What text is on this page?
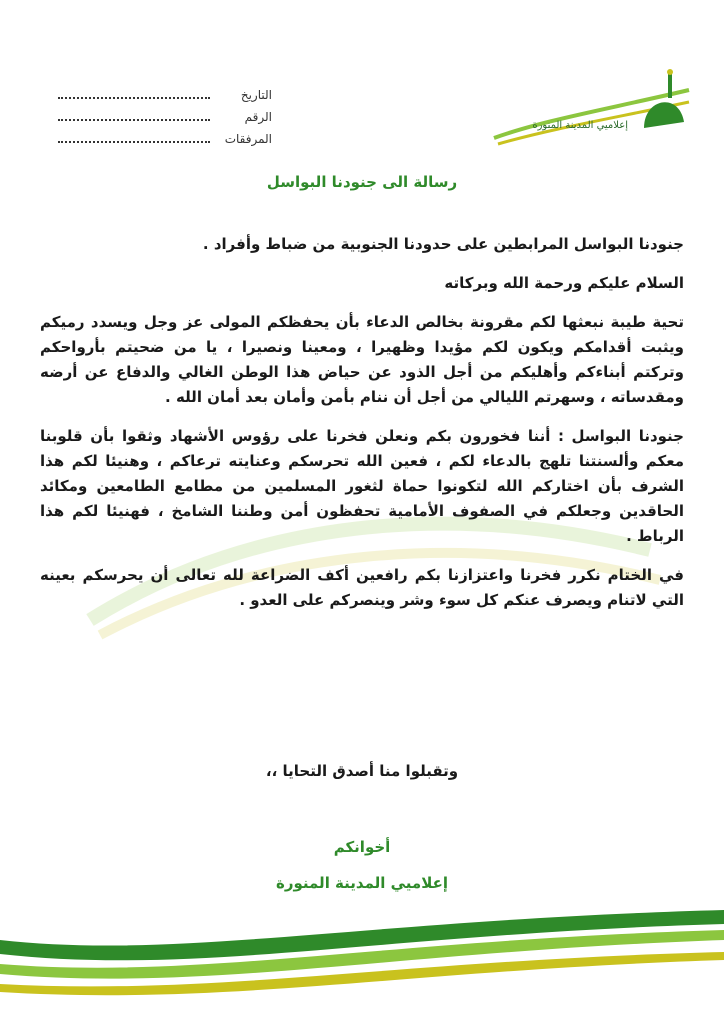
إعلاميي المدينة المنورة
التاريخ
الرقم
المرفقات
رسالة الى جنودنا البواسل

جنودنا البواسل المرابطين على حدودنا الجنوبية من ضباط وأفراد .

السلام عليكم ورحمة الله وبركاته

تحية طيبة نبعثها لكم مقرونة بخالص الدعاء بأن يحفظكم المولى عز وجل ويسدد رميكم ويثبت أقدامكم ويكون لكم مؤيدا وظهيرا ، ومعينا ونصيرا ، يا من ضحيتم بأرواحكم وتركتم أبناءكم وأهليكم من أجل الذود عن حياض هذا الوطن الغالي والدفاع عن أرضه ومقدساته ، وسهرتم الليالي من أجل أن ننام بأمن وأمان بعد أمان الله .

جنودنا البواسل : أننا فخورون بكم ونعلن فخرنا على رؤوس الأشهاد وثقوا بأن قلوبنا معكم وألسنتنا تلهج بالدعاء لكم ، فعين الله تحرسكم وعنايته ترعاكم ، وهنيئا لكم هذا الشرف بأن اختاركم الله لتكونوا حماة لثغور المسلمين من مطامع الطامعين ومكائد الحاقدين وجعلكم في الصفوف الأمامية تحفظون أمن وطننا الشامخ ، فهنيئا لكم هذا الرباط .

في الختام نكرر فخرنا واعتزازنا بكم رافعين أكف الضراعة لله تعالى أن يحرسكم بعينه التي لاتنام ويصرف عنكم كل سوء وشر وينصركم على العدو .

وتقبلوا منا أصدق التحايا ،،
أخوانكم
إعلاميي المدينة المنورة
